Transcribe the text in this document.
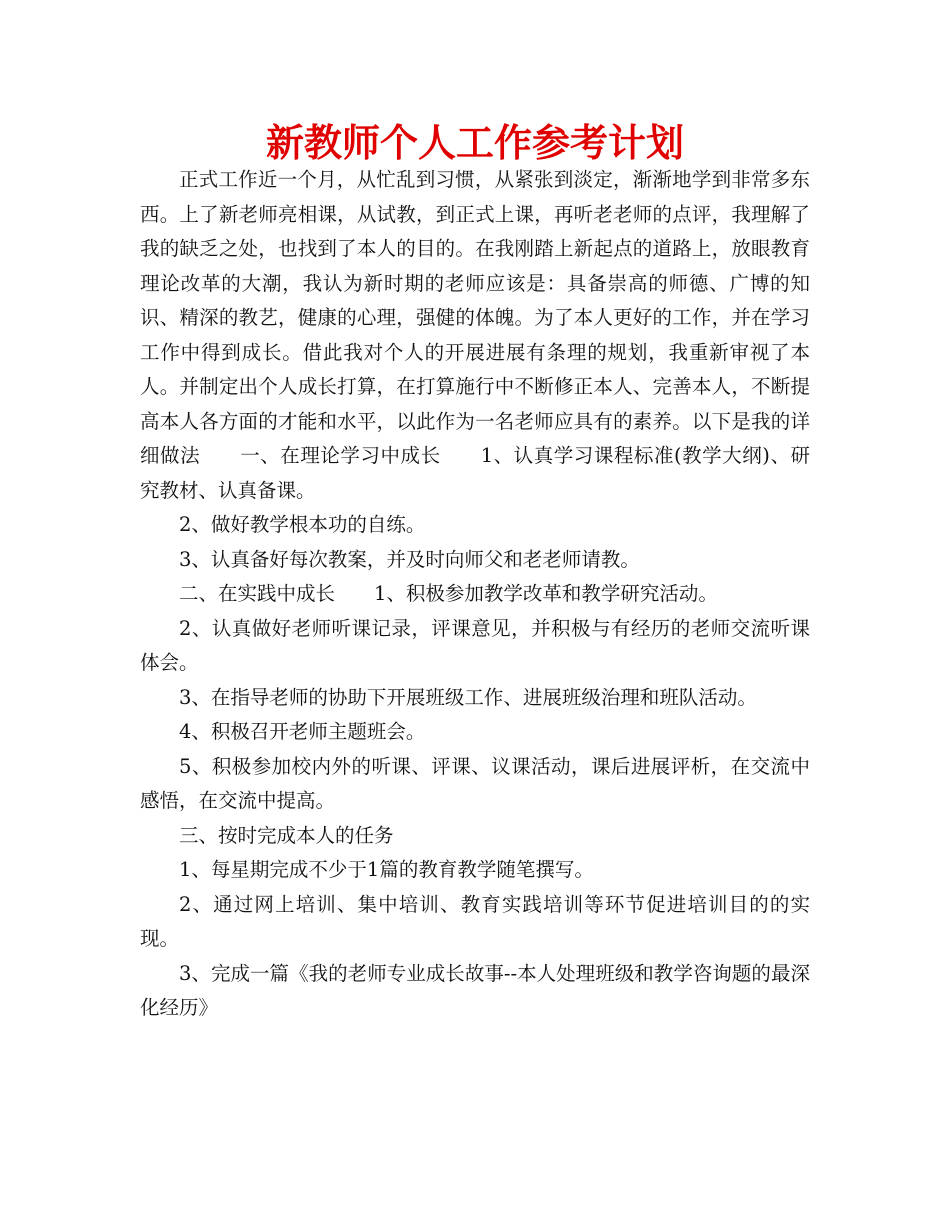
新教师个人工作参考计划

正式工作近一个月，从忙乱到习惯，从紧张到淡定，渐渐地学到非常多东西。上了新老师亮相课，从试教，到正式上课，再听老老师的点评，我理解了我的缺乏之处，也找到了本人的目的。在我刚踏上新起点的道路上，放眼教育理论改革的大潮，我认为新时期的老师应该是：具备崇高的师德、广博的知识、精深的教艺，健康的心理，强健的体魄。为了本人更好的工作，并在学习工作中得到成长。借此我对个人的开展进展有条理的规划，我重新审视了本人。并制定出个人成长打算，在打算施行中不断修正本人、完善本人，不断提高本人各方面的才能和水平，以此作为一名老师应具有的素养。以下是我的详细做法　　一、在理论学习中成长　　1、认真学习课程标准(教学大纲)、研究教材、认真备课。

2、做好教学根本功的自练。

3、认真备好每次教案，并及时向师父和老老师请教。

二、在实践中成长　　1、积极参加教学改革和教学研究活动。

2、认真做好老师听课记录，评课意见，并积极与有经历的老师交流听课体会。

3、在指导老师的协助下开展班级工作、进展班级治理和班队活动。

4、积极召开老师主题班会。

5、积极参加校内外的听课、评课、议课活动，课后进展评析，在交流中感悟，在交流中提高。

三、按时完成本人的任务

1、每星期完成不少于1篇的教育教学随笔撰写。

2、通过网上培训、集中培训、教育实践培训等环节促进培训目的的实现。

3、完成一篇《我的老师专业成长故事--本人处理班级和教学咨询题的最深化经历》
